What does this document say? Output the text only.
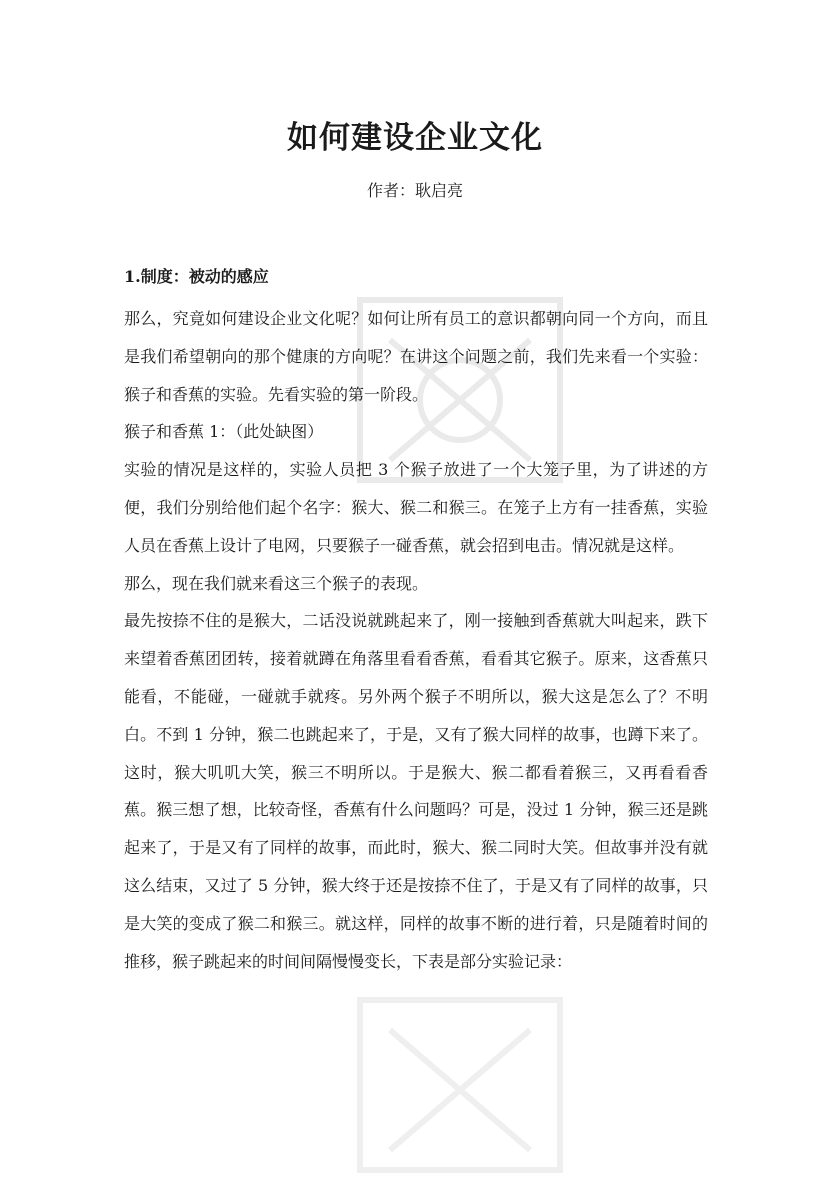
如何建设企业文化
作者：耿启亮
1.制度：被动的感应

那么，究竟如何建设企业文化呢？如何让所有员工的意识都朝向同一个方向，而且是我们希望朝向的那个健康的方向呢？在讲这个问题之前，我们先来看一个实验：猴子和香蕉的实验。先看实验的第一阶段。

猴子和香蕉 1：（此处缺图）

实验的情况是这样的，实验人员把 3 个猴子放进了一个大笼子里，为了讲述的方便，我们分别给他们起个名字：猴大、猴二和猴三。在笼子上方有一挂香蕉，实验人员在香蕉上设计了电网，只要猴子一碰香蕉，就会招到电击。情况就是这样。

那么，现在我们就来看这三个猴子的表现。

最先按捺不住的是猴大，二话没说就跳起来了，刚一接触到香蕉就大叫起来，跌下来望着香蕉团团转，接着就蹲在角落里看看香蕉，看看其它猴子。原来，这香蕉只能看，不能碰，一碰就手就疼。另外两个猴子不明所以，猴大这是怎么了？不明白。不到 1 分钟，猴二也跳起来了，于是，又有了猴大同样的故事，也蹲下来了。这时，猴大叽叽大笑，猴三不明所以。于是猴大、猴二都看着猴三，又再看看香蕉。猴三想了想，比较奇怪，香蕉有什么问题吗？可是，没过 1 分钟，猴三还是跳起来了，于是又有了同样的故事，而此时，猴大、猴二同时大笑。但故事并没有就这么结束，又过了 5 分钟，猴大终于还是按捺不住了，于是又有了同样的故事，只是大笑的变成了猴二和猴三。就这样，同样的故事不断的进行着，只是随着时间的推移，猴子跳起来的时间间隔慢慢变长，下表是部分实验记录：
